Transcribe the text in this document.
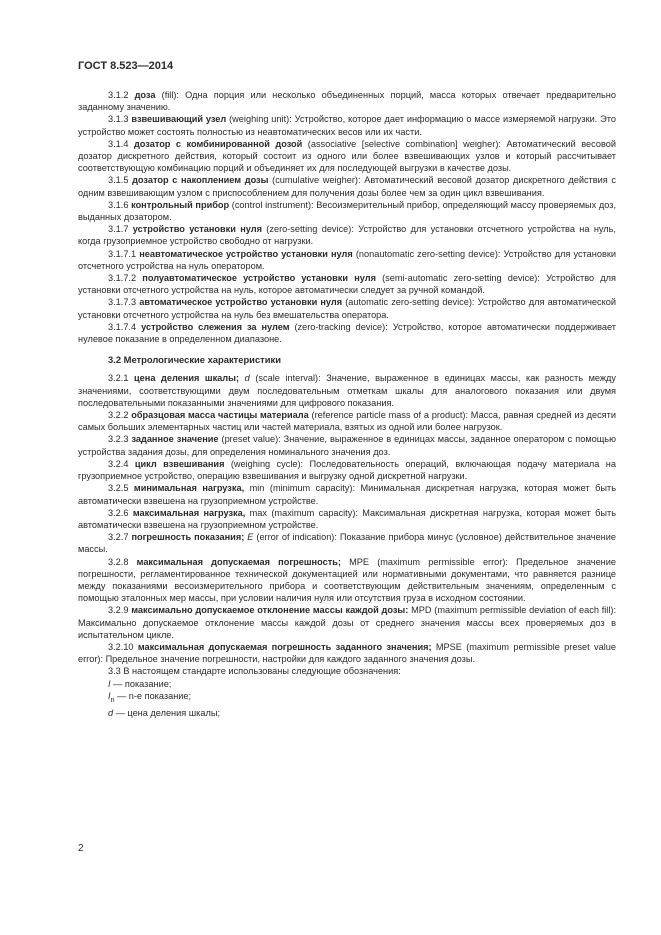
ГОСТ 8.523—2014
3.1.2 доза (fill): Одна порция или несколько объединенных порций, масса которых отвечает предварительно заданному значению.
3.1.3 взвешивающий узел (weighing unit): Устройство, которое дает информацию о массе измеряемой нагрузки. Это устройство может состоять полностью из неавтоматических весов или их части.
3.1.4 дозатор с комбинированной дозой (associative [selective combination] weigher): Автоматический весовой дозатор дискретного действия, который состоит из одного или более взвешивающих узлов и который рассчитывает соответствующую комбинацию порций и объединяет их для последующей выгрузки в качестве дозы.
3.1.5 дозатор с накоплением дозы (cumulative weigher): Автоматический весовой дозатор дискретного действия с одним взвешивающим узлом с приспособлением для получения дозы более чем за один цикл взвешивания.
3.1.6 контрольный прибор (control instrument): Весоизмерительный прибор, определяющий массу проверяемых доз, выданных дозатором.
3.1.7 устройство установки нуля (zero-setting device): Устройство для установки отсчетного устройства на нуль, когда грузоприемное устройство свободно от нагрузки.
3.1.7.1 неавтоматическое устройство установки нуля (nonautomatic zero-setting device): Устройство для установки отсчетного устройства на нуль оператором.
3.1.7.2 полуавтоматическое устройство установки нуля (semi-automatic zero-setting device): Устройство для установки отсчетного устройства на нуль, которое автоматически следует за ручной командой.
3.1.7.3 автоматическое устройство установки нуля (automatic zero-setting device): Устройство для автоматической установки отсчетного устройства на нуль без вмешательства оператора.
3.1.7.4 устройство слежения за нулем (zero-tracking device): Устройство, которое автоматически поддерживает нулевое показание в определенном диапазоне.
3.2 Метрологические характеристики
3.2.1 цена деления шкалы; d (scale interval): Значение, выраженное в единицах массы, как разность между значениями, соответствующими двум последовательным отметкам шкалы для аналогового показания или двумя последовательными показанными значениями для цифрового показания.
3.2.2 образцовая масса частицы материала (reference particle mass of a product): Масса, равная средней из десяти самых больших элементарных частиц или частей материала, взятых из одной или более нагрузок.
3.2.3 заданное значение (preset value): Значение, выраженное в единицах массы, заданное оператором с помощью устройства задания дозы, для определения номинального значения доз.
3.2.4 цикл взвешивания (weighing cycle): Последовательность операций, включающая подачу материала на грузоприемное устройство, операцию взвешивания и выгрузку одной дискретной нагрузки.
3.2.5 минимальная нагрузка, min (minimum capacity): Минимальная дискретная нагрузка, которая может быть автоматически взвешена на грузоприемном устройстве.
3.2.6 максимальная нагрузка, max (maximum capacity): Максимальная дискретная нагрузка, которая может быть автоматически взвешена на грузоприемном устройстве.
3.2.7 погрешность показания; E (error of indication): Показание прибора минус (условное) действительное значение массы.
3.2.8 максимальная допускаемая погрешность; MPE (maximum permissible error): Предельное значение погрешности, регламентированное технической документацией или нормативными документами, что равняется разнице между показаниями весоизмерительного прибора и соответствующим действительным значениям, определенным с помощью эталонных мер массы, при условии наличия нуля или отсутствия груза в исходном состоянии.
3.2.9 максимально допускаемое отклонение массы каждой дозы: MPD (maximum permissible deviation of each fill): Максимально допускаемое отклонение массы каждой дозы от среднего значения массы всех проверяемых доз в испытательном цикле.
3.2.10 максимальная допускаемая погрешность заданного значения; MPSE (maximum permissible preset value error): Предельное значение погрешности, настройки для каждого заданного значения дозы.
3.3 В настоящем стандарте использованы следующие обозначения:
I — показание;
$I_n$ — n-е показание;
d — цена деления шкалы;
2
